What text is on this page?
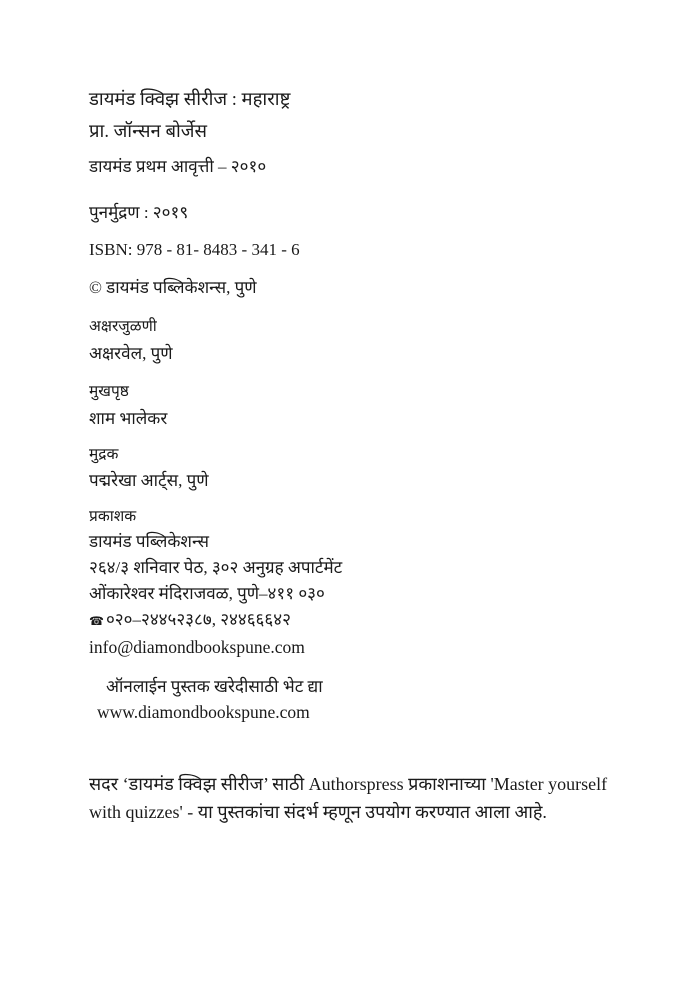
डायमंड क्विझ सीरीज : महाराष्ट्र
प्रा. जॉन्सन बोर्जेस
डायमंड प्रथम आवृत्ती – २०१०
पुनर्मुद्रण : २०१९
ISBN: 978 - 81- 8483 - 341 - 6
© डायमंड पब्लिकेशन्स, पुणे
अक्षरजुळणी
अक्षरवेल, पुणे
मुखपृष्ठ
शाम भालेकर
मुद्रक
पद्मरेखा आर्ट्स, पुणे
प्रकाशक
डायमंड पब्लिकेशन्स
२६४/३ शनिवार पेठ, ३०२ अनुग्रह अपार्टमेंट
ओंकारेश्वर मंदिराजवळ, पुणे–४११ ०३०
☎ ०२०–२४४५२३८७, २४४६६६४२
info@diamondbookspune.com
ऑनलाईन पुस्तक खरेदीसाठी भेट द्या
www.diamondbookspune.com
सदर ‘डायमंड क्विझ सीरीज’ साठी Authorspress प्रकाशनाच्या 'Master yourself with quizzes' - या पुस्तकांचा संदर्भ म्हणून उपयोग करण्यात आला आहे.
